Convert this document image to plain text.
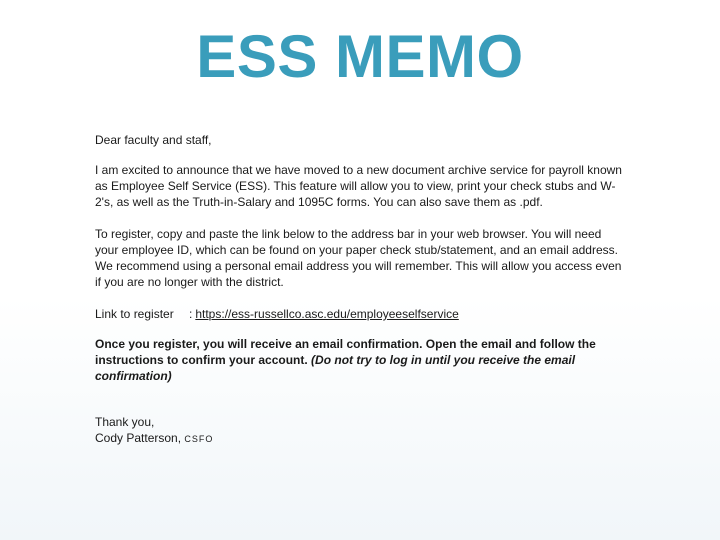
ESS MEMO

Dear faculty and staff,

I am excited to announce that we have moved to a new document archive service for payroll known as Employee Self Service (ESS). This feature will allow you to view, print your check stubs and W-2's, as well as the Truth-in-Salary and 1095C forms. You can also save them as .pdf.

To register, copy and paste the link below to the address bar in your web browser. You will need your employee ID, which can be found on your paper check stub/statement, and an email address. We recommend using a personal email address you will remember. This will allow you access even if you are no longer with the district.

Link to register : https://ess-russellco.asc.edu/employeeselfservice

Once you register, you will receive an email confirmation. Open the email and follow the instructions to confirm your account. (Do not try to log in until you receive the email confirmation)

Thank you,

Cody Patterson, CSFO
